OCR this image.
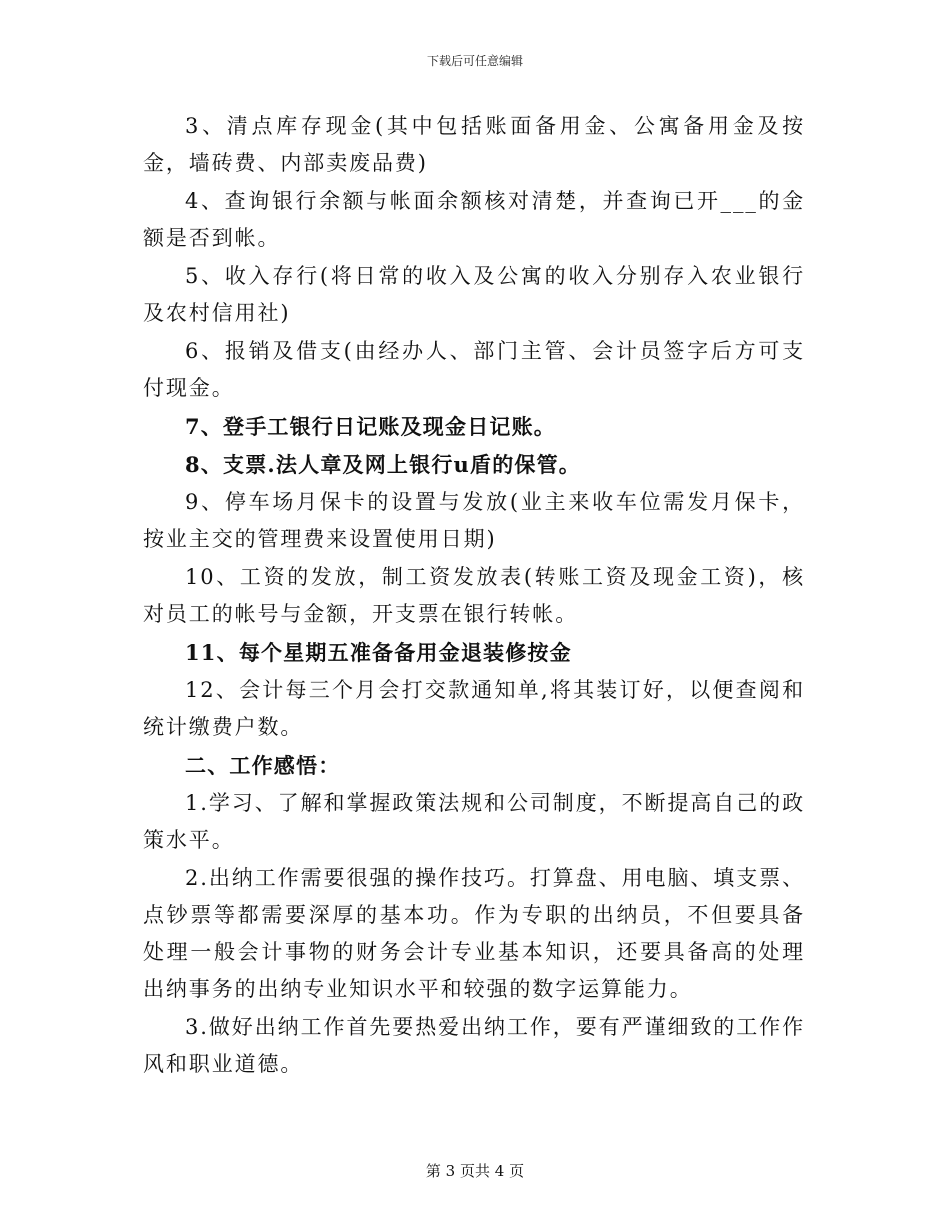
下载后可任意编辑

3、清点库存现金(其中包括账面备用金、公寓备用金及按金，墙砖费、内部卖废品费)

4、查询银行余额与帐面余额核对清楚，并查询已开___的金额是否到帐。

5、收入存行(将日常的收入及公寓的收入分别存入农业银行及农村信用社)

6、报销及借支(由经办人、部门主管、会计员签字后方可支付现金。

7、登手工银行日记账及现金日记账。

8、支票.法人章及网上银行u盾的保管。

9、停车场月保卡的设置与发放(业主来收车位需发月保卡，按业主交的管理费来设置使用日期)

10、工资的发放，制工资发放表(转账工资及现金工资)，核对员工的帐号与金额，开支票在银行转帐。

11、每个星期五准备备用金退装修按金

12、会计每三个月会打交款通知单,将其装订好，以便查阅和统计缴费户数。

二、工作感悟：

1.学习、了解和掌握政策法规和公司制度，不断提高自己的政策水平。

2.出纳工作需要很强的操作技巧。打算盘、用电脑、填支票、点钞票等都需要深厚的基本功。作为专职的出纳员，不但要具备处理一般会计事物的财务会计专业基本知识，还要具备高的处理出纳事务的出纳专业知识水平和较强的数字运算能力。

3.做好出纳工作首先要热爱出纳工作，要有严谨细致的工作作风和职业道德。

第 3 页共 4 页
